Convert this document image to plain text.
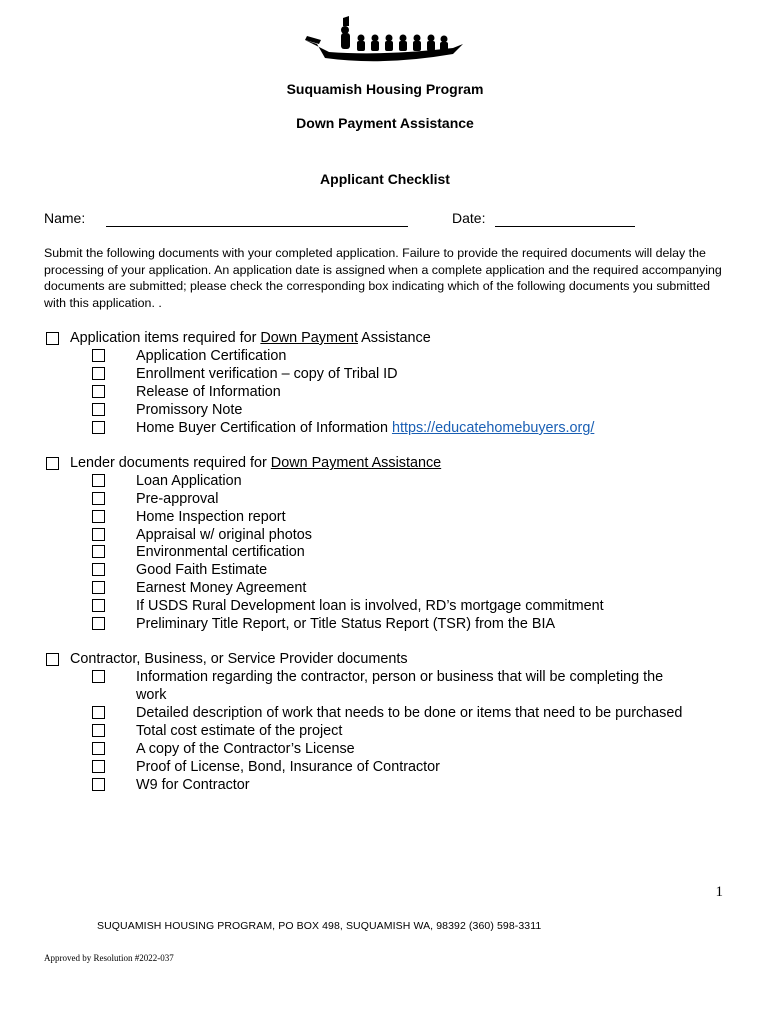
Suquamish Housing Program
Down Payment Assistance
Applicant Checklist
Name:	Date:
Submit the following documents with your completed application. Failure to provide the required documents will delay the processing of your application. An application date is assigned when a complete application and the required accompanying documents are submitted; please check the corresponding box indicating which of the following documents you submitted with this application. .
Application items required for Down Payment Assistance
Application Certification
Enrollment verification – copy of Tribal ID
Release of Information
Promissory Note
Home Buyer Certification of Information https://educatehomebuyers.org/
Lender documents required for Down Payment Assistance
Loan Application
Pre-approval
Home Inspection report
Appraisal w/ original photos
Environmental certification
Good Faith Estimate
Earnest Money Agreement
If USDS Rural Development loan is involved, RD’s mortgage commitment
Preliminary Title Report, or Title Status Report (TSR) from the BIA
Contractor, Business, or Service Provider documents
Information regarding the contractor, person or business that will be completing the
work
Detailed description of work that needs to be done or items that need to be purchased
Total cost estimate of the project
A copy of the Contractor’s License
Proof of License, Bond, Insurance of Contractor
W9 for Contractor
1
SUQUAMISH HOUSING PROGRAM, PO BOX 498, SUQUAMISH WA, 98392 (360) 598-3311
Approved by Resolution #2022-037
